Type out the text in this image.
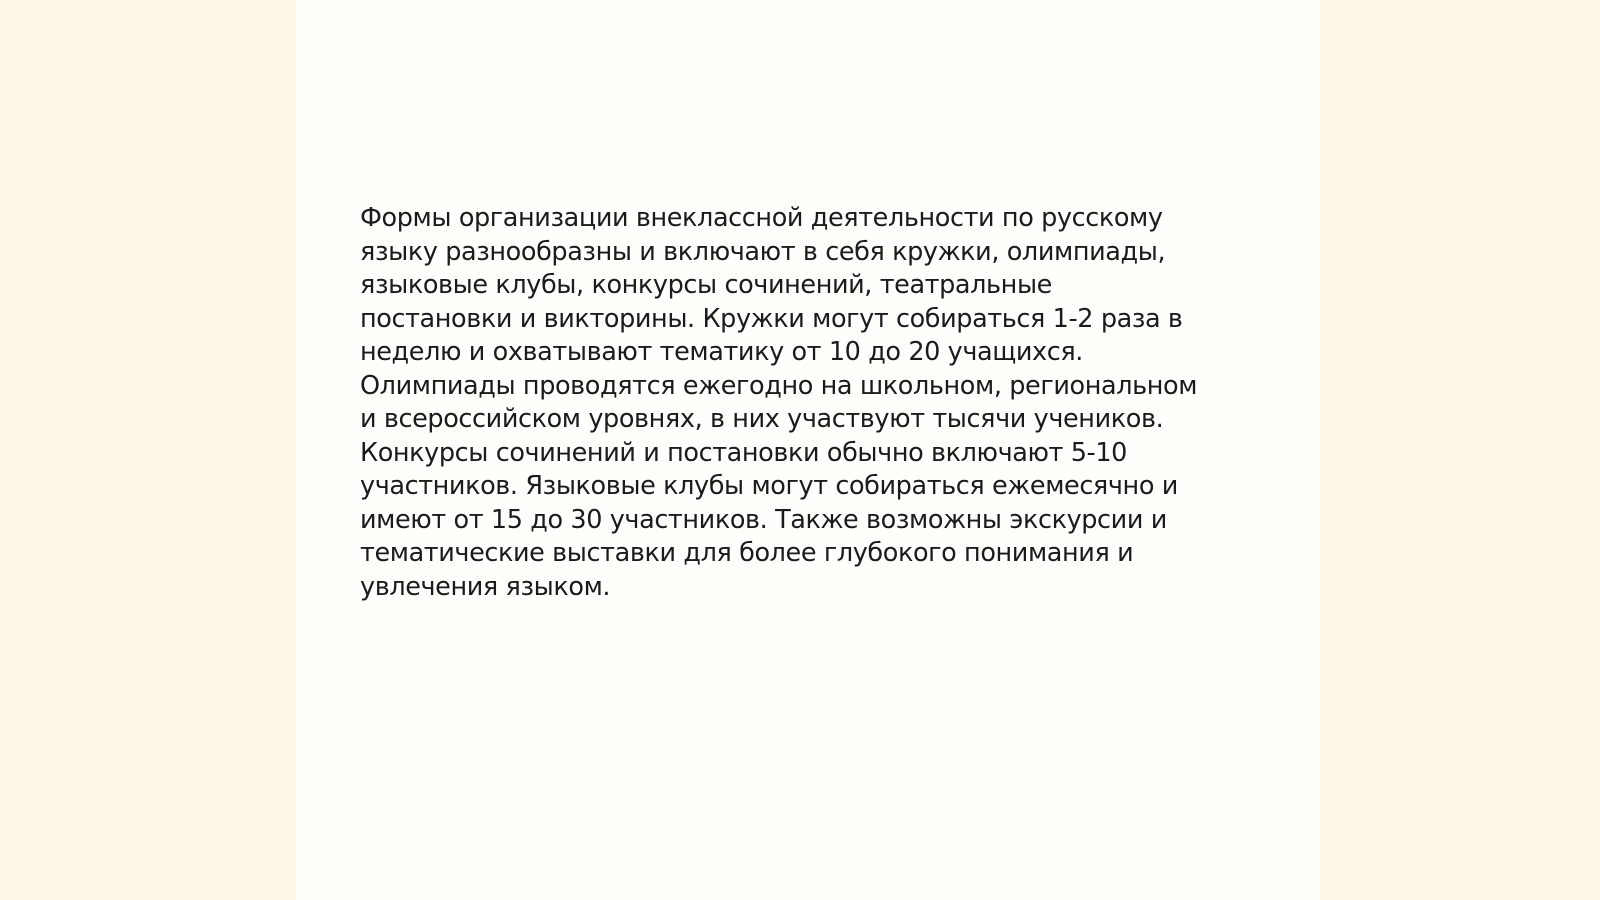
Формы организации внеклассной деятельности по русскому
языку разнообразны и включают в себя кружки, олимпиады,
языковые клубы, конкурсы сочинений, театральные
постановки и викторины. Кружки могут собираться 1-2 раза в
неделю и охватывают тематику от 10 до 20 учащихся.
Олимпиады проводятся ежегодно на школьном, региональном
и всероссийском уровнях, в них участвуют тысячи учеников.
Конкурсы сочинений и постановки обычно включают 5-10
участников. Языковые клубы могут собираться ежемесячно и
имеют от 15 до 30 участников. Также возможны экскурсии и
тематические выставки для более глубокого понимания и
увлечения языком.
